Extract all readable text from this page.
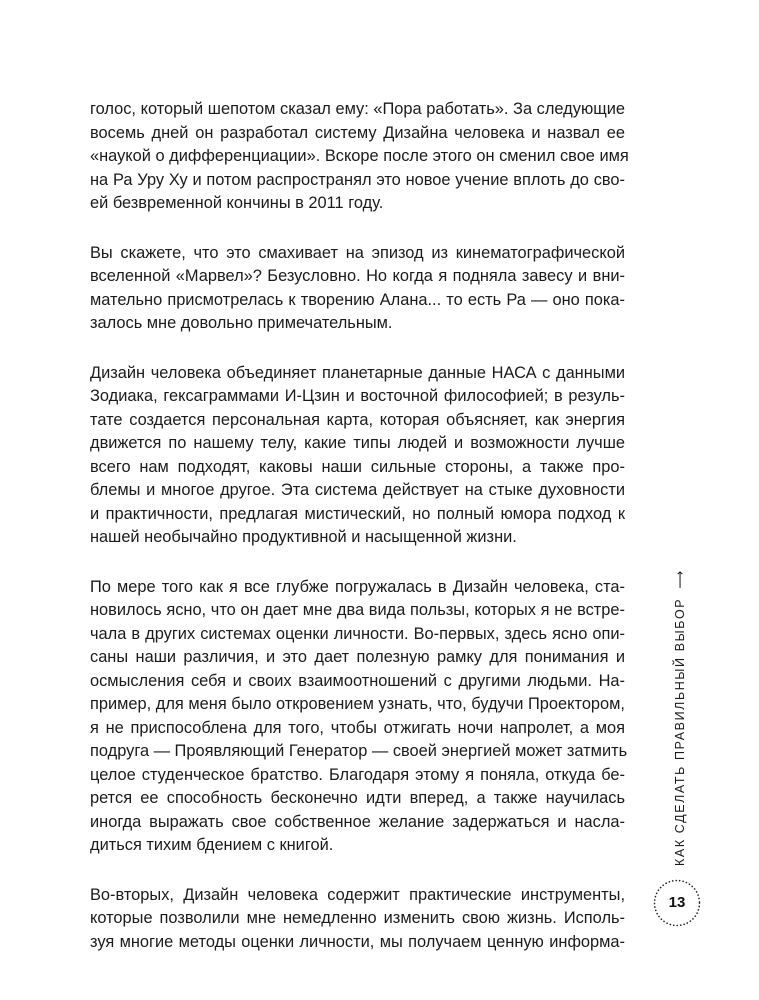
голос, который шепотом сказал ему: «Пора работать». За следующие
восемь дней он разработал систему Дизайна человека и назвал ее
«наукой о дифференциации». Вскоре после этого он сменил свое имя
на Ра Уру Ху и потом распространял это новое учение вплоть до сво-
ей безвременной кончины в 2011 году.

Вы скажете, что это смахивает на эпизод из кинематографической
вселенной «Марвел»? Безусловно. Но когда я подняла завесу и вни-
мательно присмотрелась к творению Алана... то есть Ра — оно пока-
залось мне довольно примечательным.

Дизайн человека объединяет планетарные данные НАСА с данными
Зодиака, гексаграммами И-Цзин и восточной философией; в резуль-
тате создается персональная карта, которая объясняет, как энергия
движется по нашему телу, какие типы людей и возможности лучше
всего нам подходят, каковы наши сильные стороны, а также про-
блемы и многое другое. Эта система действует на стыке духовности
и практичности, предлагая мистический, но полный юмора подход к
нашей необычайно продуктивной и насыщенной жизни.

По мере того как я все глубже погружалась в Дизайн человека, ста-
новилось ясно, что он дает мне два вида пользы, которых я не встре-
чала в других системах оценки личности. Во-первых, здесь ясно опи-
саны наши различия, и это дает полезную рамку для понимания и
осмысления себя и своих взаимоотношений с другими людьми. На-
пример, для меня было откровением узнать, что, будучи Проектором,
я не приспособлена для того, чтобы отжигать ночи напролет, а моя
подруга — Проявляющий Генератор — своей энергией может затмить
целое студенческое братство. Благодаря этому я поняла, откуда бе-
рется ее способность бесконечно идти вперед, а также научилась
иногда выражать свое собственное желание задержаться и наслa-
диться тихим бдением с книгой.

Во-вторых, Дизайн человека содержит практические инструменты,
которые позволили мне немедленно изменить свою жизнь. Исполь-
зуя многие методы оценки личности, мы получаем ценную информа-

КАК СДЕЛАТЬ ПРАВИЛЬНЫЙ ВЫБОР ⟶
13
